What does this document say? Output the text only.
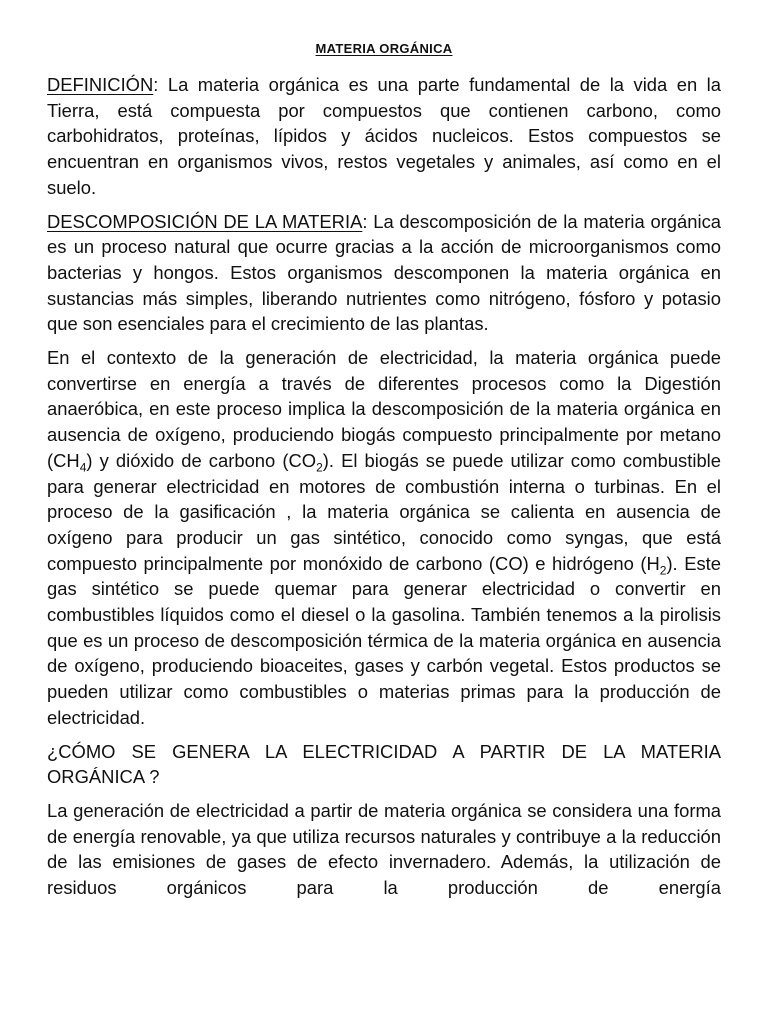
MATERIA ORGÁNICA

DEFINICIÓN: La materia orgánica es una parte fundamental de la vida en la Tierra, está compuesta por compuestos que contienen carbono, como carbohidratos, proteínas, lípidos y ácidos nucleicos. Estos compuestos se encuentran en organismos vivos, restos vegetales y animales, así como en el suelo.

DESCOMPOSICIÓN DE LA MATERIA: La descomposición de la materia orgánica es un proceso natural que ocurre gracias a la acción de microorganismos como bacterias y hongos. Estos organismos descomponen la materia orgánica en sustancias más simples, liberando nutrientes como nitrógeno, fósforo y potasio que son esenciales para el crecimiento de las plantas.

En el contexto de la generación de electricidad, la materia orgánica puede convertirse en energía a través de diferentes procesos como la Digestión anaeróbica, en este proceso implica la descomposición de la materia orgánica en ausencia de oxígeno, produciendo biogás compuesto principalmente por metano $(CH_4)$ y dióxido de carbono $(CO_2)$. El biogás se puede utilizar como combustible para generar electricidad en motores de combustión interna o turbinas. En el proceso de la gasificación , la materia orgánica se calienta en ausencia de oxígeno para producir un gas sintético, conocido como syngas, que está compuesto principalmente por monóxido de carbono (CO) e hidrógeno $(H_2)$. Este gas sintético se puede quemar para generar electricidad o convertir en combustibles líquidos como el diesel o la gasolina. También tenemos a la pirolisis que es un proceso de descomposición térmica de la materia orgánica en ausencia de oxígeno, produciendo bioaceites, gases y carbón vegetal. Estos productos se pueden utilizar como combustibles o materias primas para la producción de electricidad.

¿CÓMO SE GENERA LA ELECTRICIDAD A PARTIR DE LA MATERIA ORGÁNICA ?

La generación de electricidad a partir de materia orgánica se considera una forma de energía renovable, ya que utiliza recursos naturales y contribuye a la reducción de las emisiones de gases de efecto invernadero. Además, la utilización de residuos orgánicos para la producción de energía
